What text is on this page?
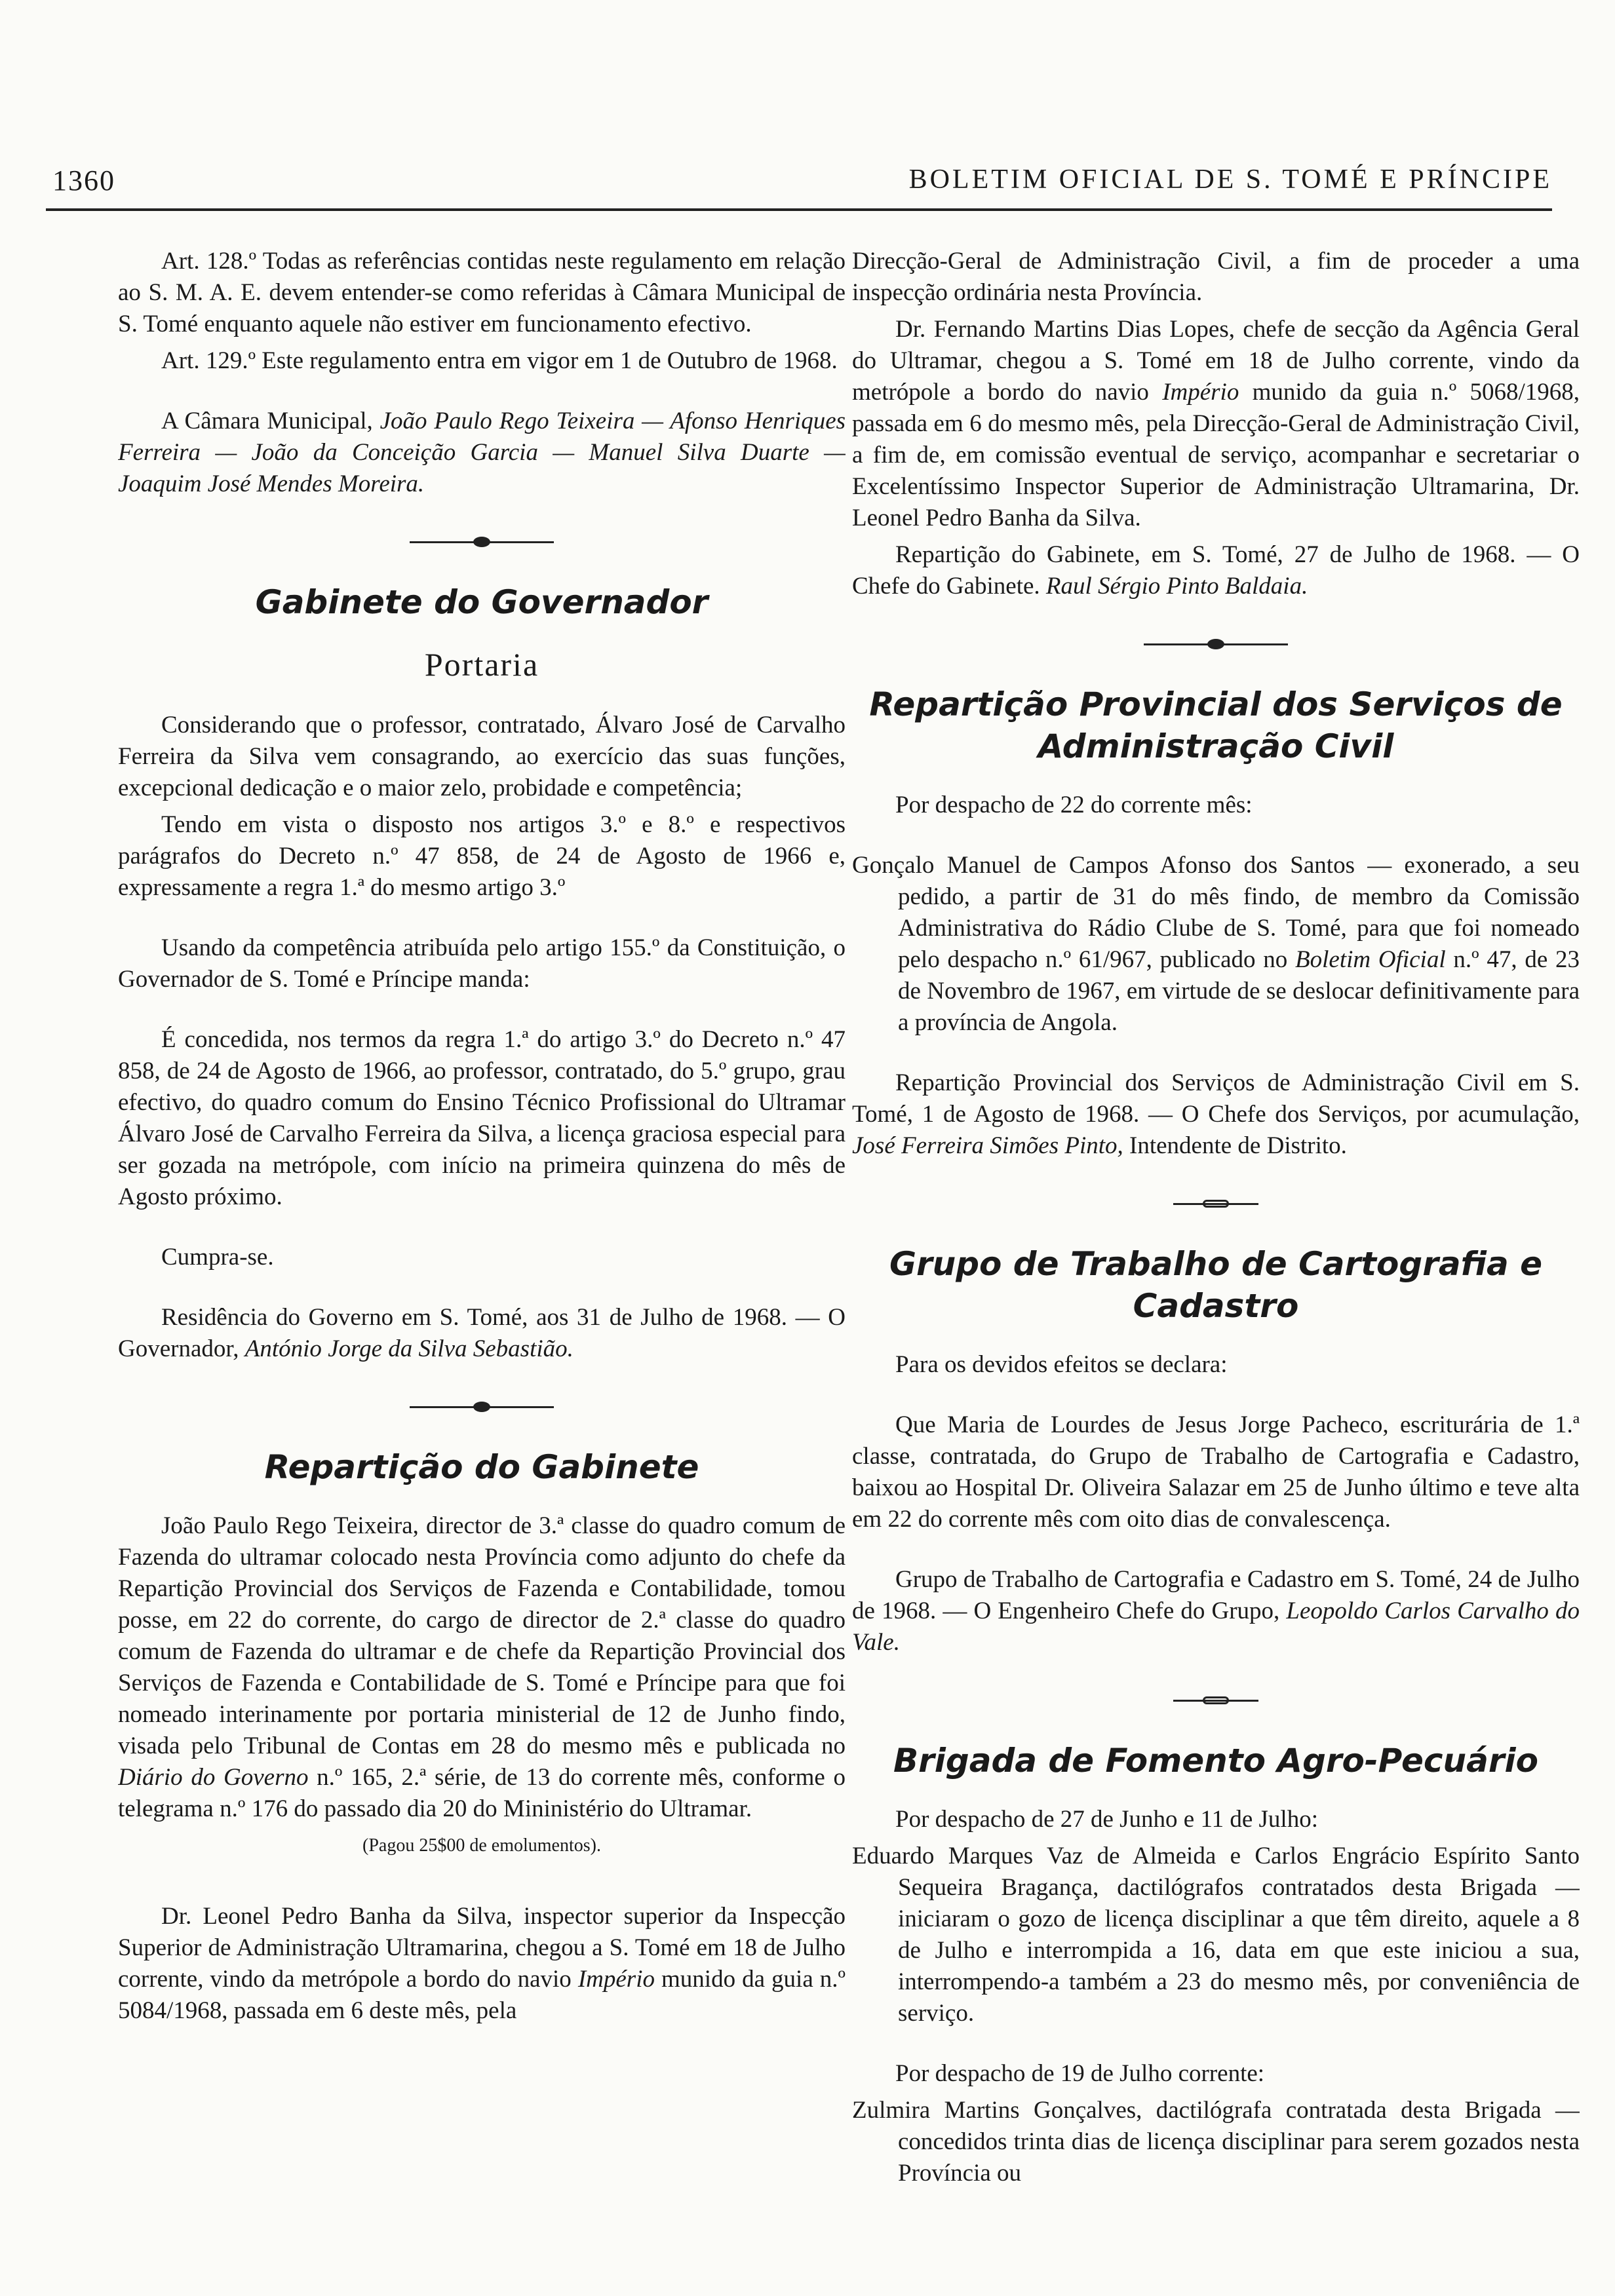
1360	BOLETIM OFICIAL DE S. TOMÉ E PRÍNCIPE

Art. 128.º Todas as referências contidas neste regulamento em relação ao S. M. A. E. devem entender-se como referidas à Câmara Municipal de S. Tomé enquanto aquele não estiver em funcionamento efectivo.

Art. 129.º Este regulamento entra em vigor em 1 de Outubro de 1968.

A Câmara Municipal, João Paulo Rego Teixeira — Afonso Henriques Ferreira — João da Conceição Garcia — Manuel Silva Duarte — Joaquim José Mendes Moreira.

Gabinete do Governador
Portaria

Considerando que o professor, contratado, Álvaro José de Carvalho Ferreira da Silva vem consagrando, ao exercício das suas funções, excepcional dedicação e o maior zelo, probidade e competência;

Tendo em vista o disposto nos artigos 3.º e 8.º e respectivos parágrafos do Decreto n.º 47 858, de 24 de Agosto de 1966 e, expressamente a regra 1.ª do mesmo artigo 3.º

Usando da competência atribuída pelo artigo 155.º da Constituição, o Governador de S. Tomé e Príncipe manda:

É concedida, nos termos da regra 1.ª do artigo 3.º do Decreto n.º 47 858, de 24 de Agosto de 1966, ao professor, contratado, do 5.º grupo, grau efectivo, do quadro comum do Ensino Técnico Profissional do Ultramar Álvaro José de Carvalho Ferreira da Silva, a licença graciosa especial para ser gozada na metrópole, com início na primeira quinzena do mês de Agosto próximo.

Cumpra-se.

Residência do Governo em S. Tomé, aos 31 de Julho de 1968. — O Governador, António Jorge da Silva Sebastião.

Repartição do Gabinete

João Paulo Rego Teixeira, director de 3.ª classe do quadro comum de Fazenda do ultramar colocado nesta Província como adjunto do chefe da Repartição Provincial dos Serviços de Fazenda e Contabilidade, tomou posse, em 22 do corrente, do cargo de director de 2.ª classe do quadro comum de Fazenda do ultramar e de chefe da Repartição Provincial dos Serviços de Fazenda e Contabilidade de S. Tomé e Príncipe para que foi nomeado interinamente por portaria ministerial de 12 de Junho findo, visada pelo Tribunal de Contas em 28 do mesmo mês e publicada no Diário do Governo n.º 165, 2.ª série, de 13 do corrente mês, conforme o telegrama n.º 176 do passado dia 20 do Mininistério do Ultramar.

(Pagou 25$00 de emolumentos).

Dr. Leonel Pedro Banha da Silva, inspector superior da Inspecção Superior de Administração Ultramarina, chegou a S. Tomé em 18 de Julho corrente, vindo da metrópole a bordo do navio Império munido da guia n.º 5084/1968, passada em 6 deste mês, pela

Direcção-Geral de Administração Civil, a fim de proceder a uma inspecção ordinária nesta Província.

Dr. Fernando Martins Dias Lopes, chefe de secção da Agência Geral do Ultramar, chegou a S. Tomé em 18 de Julho corrente, vindo da metrópole a bordo do navio Império munido da guia n.º 5068/1968, passada em 6 do mesmo mês, pela Direcção-Geral de Administração Civil, a fim de, em comissão eventual de serviço, acompanhar e secretariar o Excelentíssimo Inspector Superior de Administração Ultramarina, Dr. Leonel Pedro Banha da Silva.

Repartição do Gabinete, em S. Tomé, 27 de Julho de 1968. — O Chefe do Gabinete. Raul Sérgio Pinto Baldaia.

Repartição Provincial dos Serviços de Administração Civil

Por despacho de 22 do corrente mês:

Gonçalo Manuel de Campos Afonso dos Santos — exonerado, a seu pedido, a partir de 31 do mês findo, de membro da Comissão Administrativa do Rádio Clube de S. Tomé, para que foi nomeado pelo despacho n.º 61/967, publicado no Boletim Oficial n.º 47, de 23 de Novembro de 1967, em virtude de se deslocar definitivamente para a província de Angola.

Repartição Provincial dos Serviços de Administração Civil em S. Tomé, 1 de Agosto de 1968. — O Chefe dos Serviços, por acumulação, José Ferreira Simões Pinto, Intendente de Distrito.

Grupo de Trabalho de Cartografia e Cadastro

Para os devidos efeitos se declara:

Que Maria de Lourdes de Jesus Jorge Pacheco, escriturária de 1.ª classe, contratada, do Grupo de Trabalho de Cartografia e Cadastro, baixou ao Hospital Dr. Oliveira Salazar em 25 de Junho último e teve alta em 22 do corrente mês com oito dias de convalescença.

Grupo de Trabalho de Cartografia e Cadastro em S. Tomé, 24 de Julho de 1968. — O Engenheiro Chefe do Grupo, Leopoldo Carlos Carvalho do Vale.

Brigada de Fomento Agro-Pecuário

Por despacho de 27 de Junho e 11 de Julho:

Eduardo Marques Vaz de Almeida e Carlos Engrácio Espírito Santo Sequeira Bragança, dactilógrafos contratados desta Brigada — iniciaram o gozo de licença disciplinar a que têm direito, aquele a 8 de Julho e interrompida a 16, data em que este iniciou a sua, interrompendo-a também a 23 do mesmo mês, por conveniência de serviço.

Por despacho de 19 de Julho corrente:

Zulmira Martins Gonçalves, dactilógrafa contratada desta Brigada — concedidos trinta dias de licença disciplinar para serem gozados nesta Província ou
